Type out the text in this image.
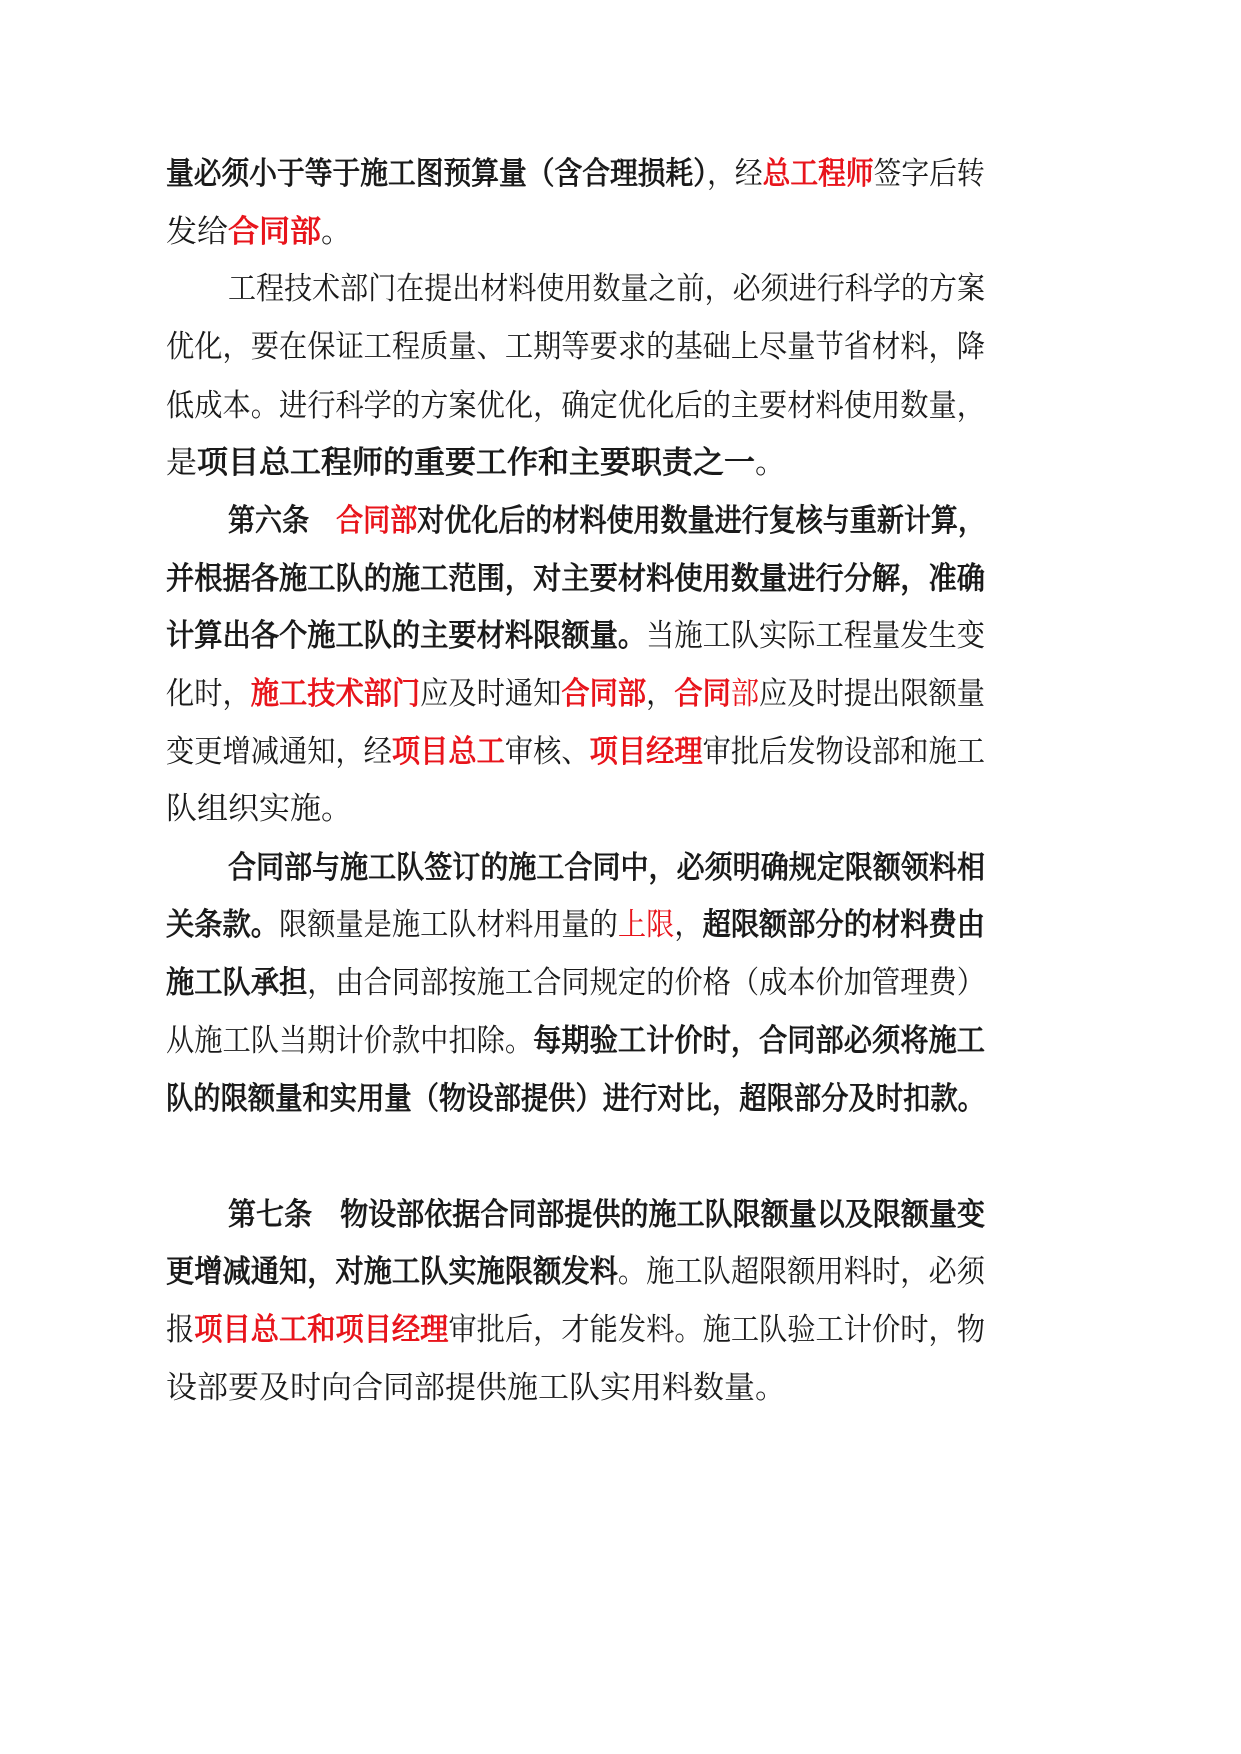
量必须小于等于施工图预算量（含合理损耗），经总工程师签字后转
发给合同部。
工程技术部门在提出材料使用数量之前，必须进行科学的方案
优化，要在保证工程质量、工期等要求的基础上尽量节省材料，降
低成本。进行科学的方案优化，确定优化后的主要材料使用数量，
是项目总工程师的重要工作和主要职责之一。
第六条　合同部对优化后的材料使用数量进行复核与重新计算，
并根据各施工队的施工范围，对主要材料使用数量进行分解，准确
计算出各个施工队的主要材料限额量。当施工队实际工程量发生变
化时，施工技术部门应及时通知合同部，合同部应及时提出限额量
变更增减通知，经项目总工审核、项目经理审批后发物设部和施工
队组织实施。
合同部与施工队签订的施工合同中，必须明确规定限额领料相
关条款。限额量是施工队材料用量的上限，超限额部分的材料费由
施工队承担，由合同部按施工合同规定的价格（成本价加管理费）
从施工队当期计价款中扣除。每期验工计价时，合同部必须将施工
队的限额量和实用量（物设部提供）进行对比，超限部分及时扣款。
第七条　物设部依据合同部提供的施工队限额量以及限额量变
更增减通知，对施工队实施限额发料。施工队超限额用料时，必须
报项目总工和项目经理审批后，才能发料。施工队验工计价时，物
设部要及时向合同部提供施工队实用料数量。
